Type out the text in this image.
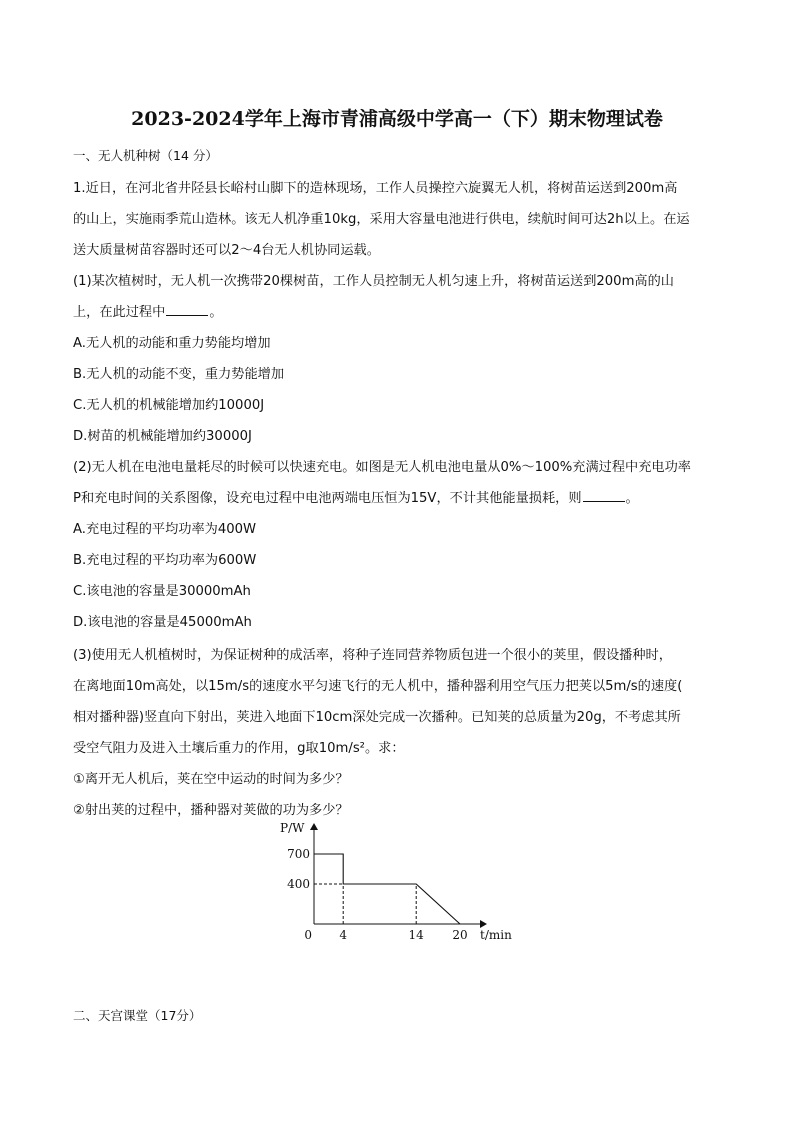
2023-2024学年上海市青浦高级中学高一（下）期末物理试卷
一、无人机种树（14 分）
1.近日，在河北省井陉县长峪村山脚下的造林现场，工作人员操控六旋翼无人机，将树苗运送到200m高
的山上，实施雨季荒山造林。该无人机净重10kg，采用大容量电池进行供电，续航时间可达2h以上。在运
送大质量树苗容器时还可以2～4台无人机协同运载。
(1)某次植树时，无人机一次携带20棵树苗，工作人员控制无人机匀速上升，将树苗运送到200m高的山
上，在此过程中	。
A.无人机的动能和重力势能均增加
B.无人机的动能不变，重力势能增加
C.无人机的机械能增加约10000J
D.树苗的机械能增加约30000J
(2)无人机在电池电量耗尽的时候可以快速充电。如图是无人机电池电量从0%～100%充满过程中充电功率
P和充电时间的关系图像，设充电过程中电池两端电压恒为15V，不计其他能量损耗，则	。
A.充电过程的平均功率为400W
B.充电过程的平均功率为600W
C.该电池的容量是30000mAh
D.该电池的容量是45000mAh
(3)使用无人机植树时，为保证树种的成活率，将种子连同营养物质包进一个很小的荚里，假设播种时，
在离地面10m高处，以15m/s的速度水平匀速飞行的无人机中，播种器利用空气压力把荚以5m/s的速度(
相对播种器)竖直向下射出，荚进入地面下10cm深处完成一次播种。已知荚的总质量为20g，不考虑其所
受空气阻力及进入土壤后重力的作用，g取10m/s²。求：
①离开无人机后，荚在空中运动的时间为多少？
②射出荚的过程中，播种器对荚做的功为多少？
P/W
t/min
0 4	14 20
400
700
二、天宫课堂（17分）
